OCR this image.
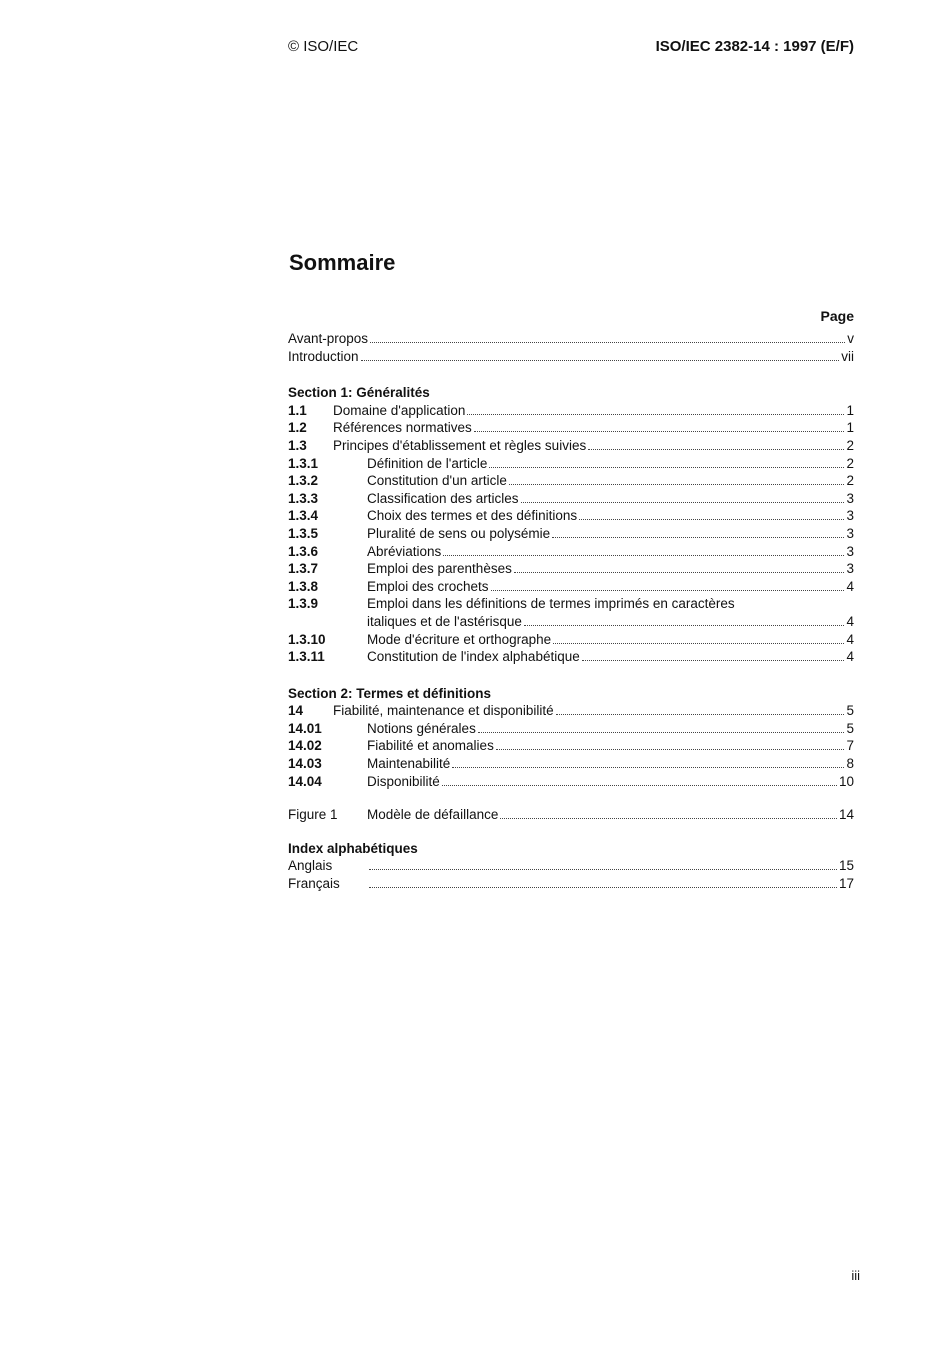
© ISO/IEC	ISO/IEC 2382-14 : 1997 (E/F)
Sommaire
Page
Avant-propos	v
Introduction	vii
Section 1: Généralités
1.1	Domaine d'application	1
1.2	Références normatives	1
1.3	Principes d'établissement et règles suivies	2
1.3.1	Définition de l'article	2
1.3.2	Constitution d'un article	2
1.3.3	Classification des articles	3
1.3.4	Choix des termes et des définitions	3
1.3.5	Pluralité de sens ou polysémie	3
1.3.6	Abréviations	3
1.3.7	Emploi des parenthèses	3
1.3.8	Emploi des crochets	4
1.3.9	Emploi dans les définitions de termes imprimés en caractères
italiques et de l'astérisque	4
1.3.10	Mode d'écriture et orthographe	4
1.3.11	Constitution de l'index alphabétique	4
Section 2: Termes et définitions
14	Fiabilité, maintenance et disponibilité	5
14.01	Notions générales	5
14.02	Fiabilité et anomalies	7
14.03	Maintenabilité	8
14.04	Disponibilité	10
Figure 1	Modèle de défaillance	14
Index alphabétiques
Anglais	15
Français	17
iii
